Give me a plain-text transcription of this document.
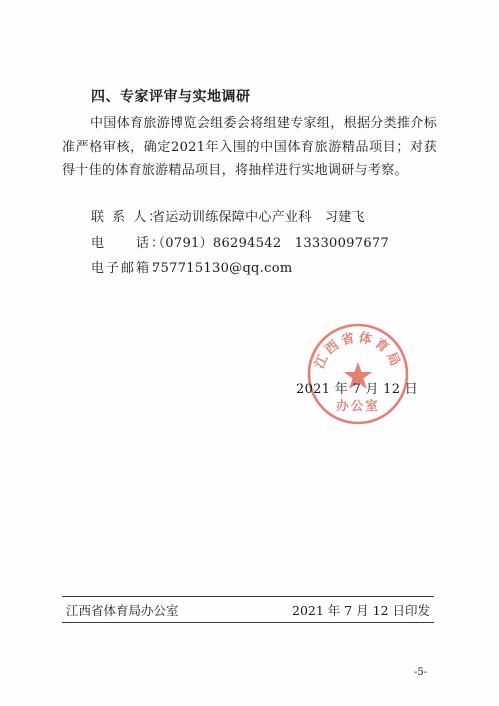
四、专家评审与实地调研
中国体育旅游博览会组委会将组建专家组，根据分类推介标准严格审核，确定2021年入围的中国体育旅游精品项目；对获得十佳的体育旅游精品项目，将抽样进行实地调研与考察。
联 系 人：省运动训练保障中心产业科　习建飞
电　　话：（0791）86294542　13330097677
电子邮箱：757715130@qq.com
江西省体育局
办公室
2021 年 7 月 12 日
江西省体育局办公室	2021 年 7 月 12 日印发
-5-
